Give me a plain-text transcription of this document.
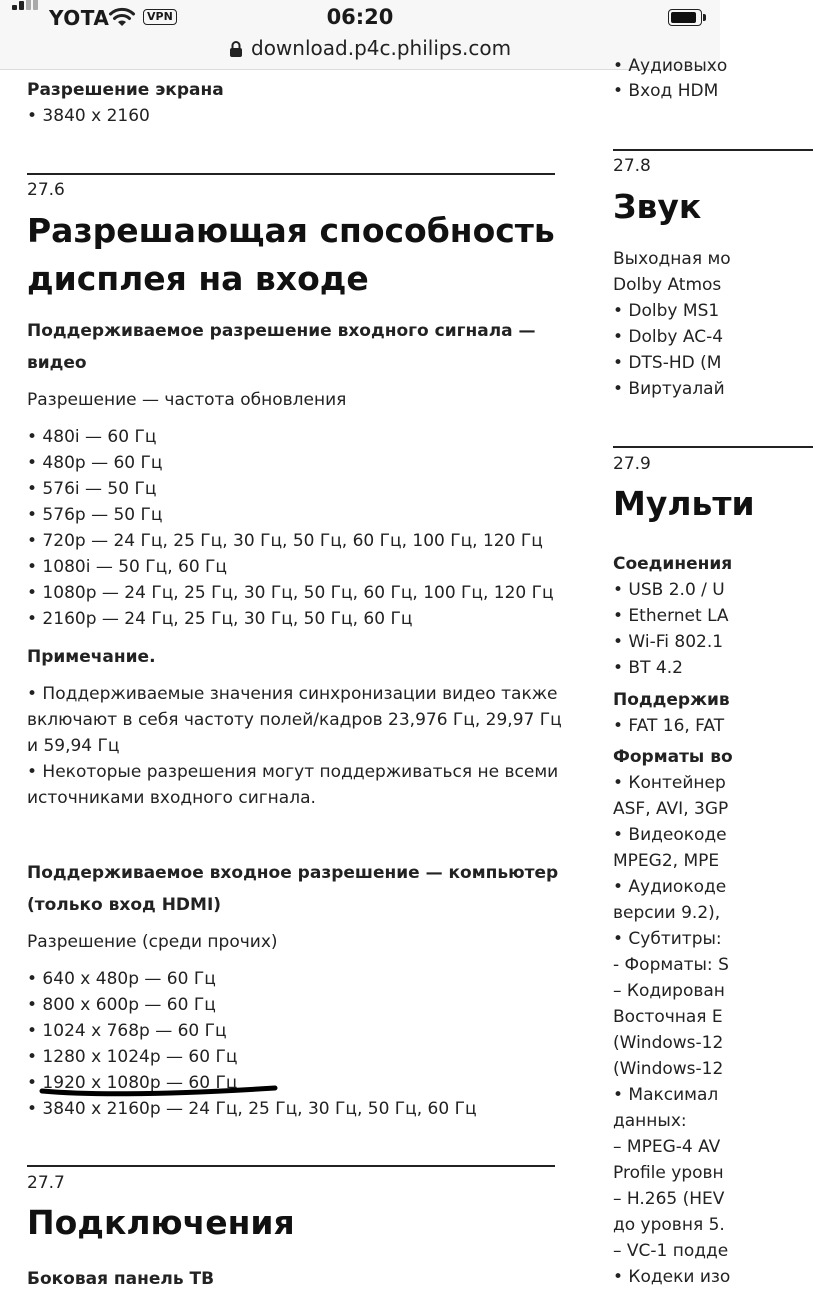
YOTA	VPN	06:20
download.p4c.philips.com
Разрешение экрана
• 3840 x 2160
27.6
Разрешающая способность
дисплея на входе
Поддерживаемое разрешение входного сигнала —
видео
Разрешение — частота обновления
• 480i — 60 Гц
• 480p — 60 Гц
• 576i — 50 Гц
• 576p — 50 Гц
• 720p — 24 Гц, 25 Гц, 30 Гц, 50 Гц, 60 Гц, 100 Гц, 120 Гц
• 1080i — 50 Гц, 60 Гц
• 1080p — 24 Гц, 25 Гц, 30 Гц, 50 Гц, 60 Гц, 100 Гц, 120 Гц
• 2160p — 24 Гц, 25 Гц, 30 Гц, 50 Гц, 60 Гц
Примечание.
• Поддерживаемые значения синхронизации видео также
включают в себя частоту полей/кадров 23,976 Гц, 29,97 Гц
и 59,94 Гц
• Некоторые разрешения могут поддерживаться не всеми
источниками входного сигнала.
Поддерживаемое входное разрешение — компьютер
(только вход HDMI)
Разрешение (среди прочих)
• 640 x 480p — 60 Гц
• 800 x 600p — 60 Гц
• 1024 x 768p — 60 Гц
• 1280 x 1024p — 60 Гц
• 1920 x 1080p — 60 Гц
• 3840 x 2160p — 24 Гц, 25 Гц, 30 Гц, 50 Гц, 60 Гц
27.7
Подключения
Боковая панель ТВ
• Аудиовыхо
• Вход HDM
27.8
Звук
Выходная мо
Dolby Atmos
• Dolby MS1
• Dolby AC-4
• DTS-HD (M
• Виртуалай
27.9
Мульти
Соединения
• USB 2.0 / U
• Ethernet LA
• Wi-Fi 802.1
• BT 4.2
Поддержив
• FAT 16, FAT
Форматы во
• Контейнер
ASF, AVI, 3GP
• Видеокоде
MPEG2, MPE
• Аудиокоде
версии 9.2),
• Субтитры:
- Форматы: S
– Кодирован
Восточная Е
(Windows-12
(Windows-12
• Максимал
данных:
– MPEG-4 AV
Profile уровн
– H.265 (HEV
до уровня 5.
– VC-1 подде
• Кодеки изо
